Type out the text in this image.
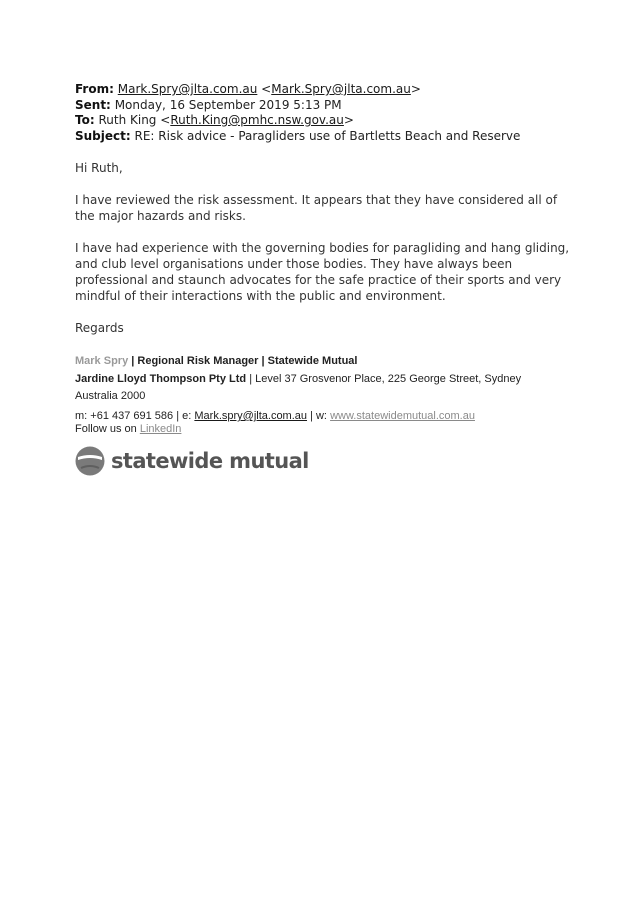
From: Mark.Spry@jlta.com.au <Mark.Spry@jlta.com.au>

Sent: Monday, 16 September 2019 5:13 PM

To: Ruth King <Ruth.King@pmhc.nsw.gov.au>

Subject: RE: Risk advice - Paragliders use of Bartletts Beach and Reserve

Hi Ruth,

I have reviewed the risk assessment. It appears that they have considered all of the major hazards and risks.

I have had experience with the governing bodies for paragliding and hang gliding, and club level organisations under those bodies. They have always been professional and staunch advocates for the safe practice of their sports and very mindful of their interactions with the public and environment.

Regards

Mark Spry | Regional Risk Manager | Statewide Mutual
Jardine Lloyd Thompson Pty Ltd | Level 37 Grosvenor Place, 225 George Street, Sydney Australia 2000
m: +61 437 691 586 | e: Mark.spry@jlta.com.au | w: www.statewidemutual.com.au
Follow us on LinkedIn
statewide mutual
